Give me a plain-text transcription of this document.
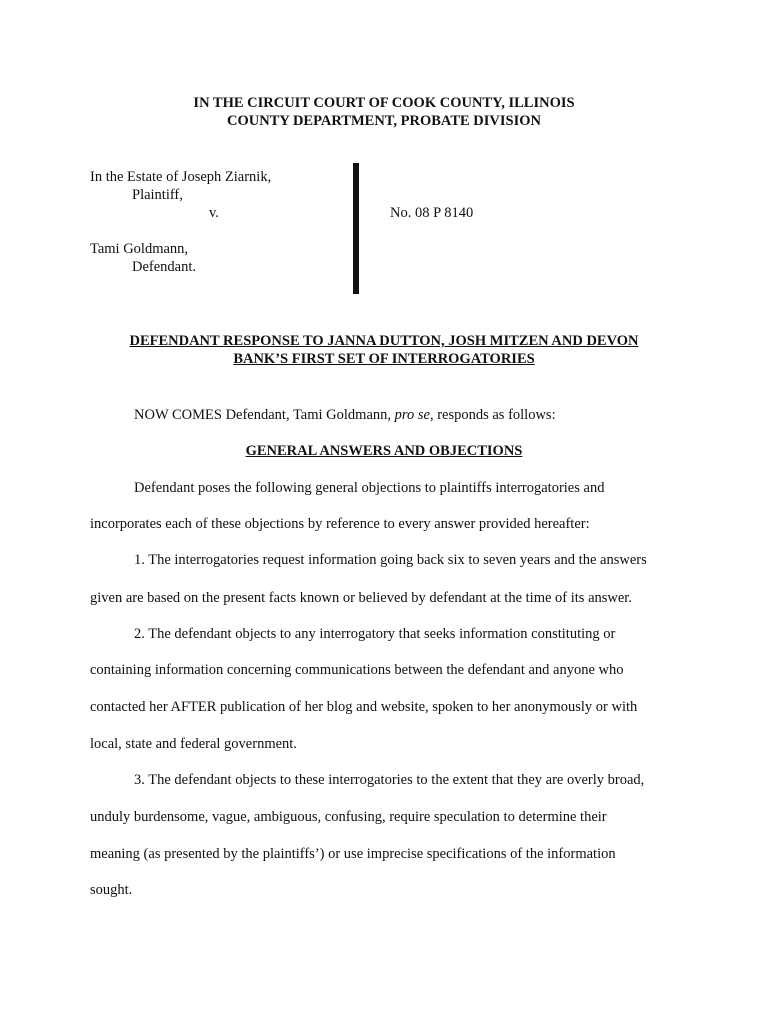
IN THE CIRCUIT COURT OF COOK COUNTY, ILLINOIS

COUNTY DEPARTMENT, PROBATE DIVISION

In the Estate of Joseph Ziarnik,

Plaintiff,

v.

Tami Goldmann,

Defendant.

No. 08 P 8140

DEFENDANT RESPONSE TO JANNA DUTTON, JOSH MITZEN AND DEVON

BANK’S FIRST SET OF INTERROGATORIES

NOW COMES Defendant, Tami Goldmann, pro se, responds as follows:

GENERAL ANSWERS AND OBJECTIONS

Defendant poses the following general objections to plaintiffs interrogatories and

incorporates each of these objections by reference to every answer provided hereafter:

1. The interrogatories request information going back six to seven years and the answers

given are based on the present facts known or believed by defendant at the time of its answer.

2. The defendant objects to any interrogatory that seeks information constituting or

containing information concerning communications between the defendant and anyone who

contacted her AFTER publication of her blog and website, spoken to her anonymously or with

local, state and federal government.

3. The defendant objects to these interrogatories to the extent that they are overly broad,

unduly burdensome, vague, ambiguous, confusing, require speculation to determine their

meaning (as presented by the plaintiffs’) or use imprecise specifications of the information

sought.
